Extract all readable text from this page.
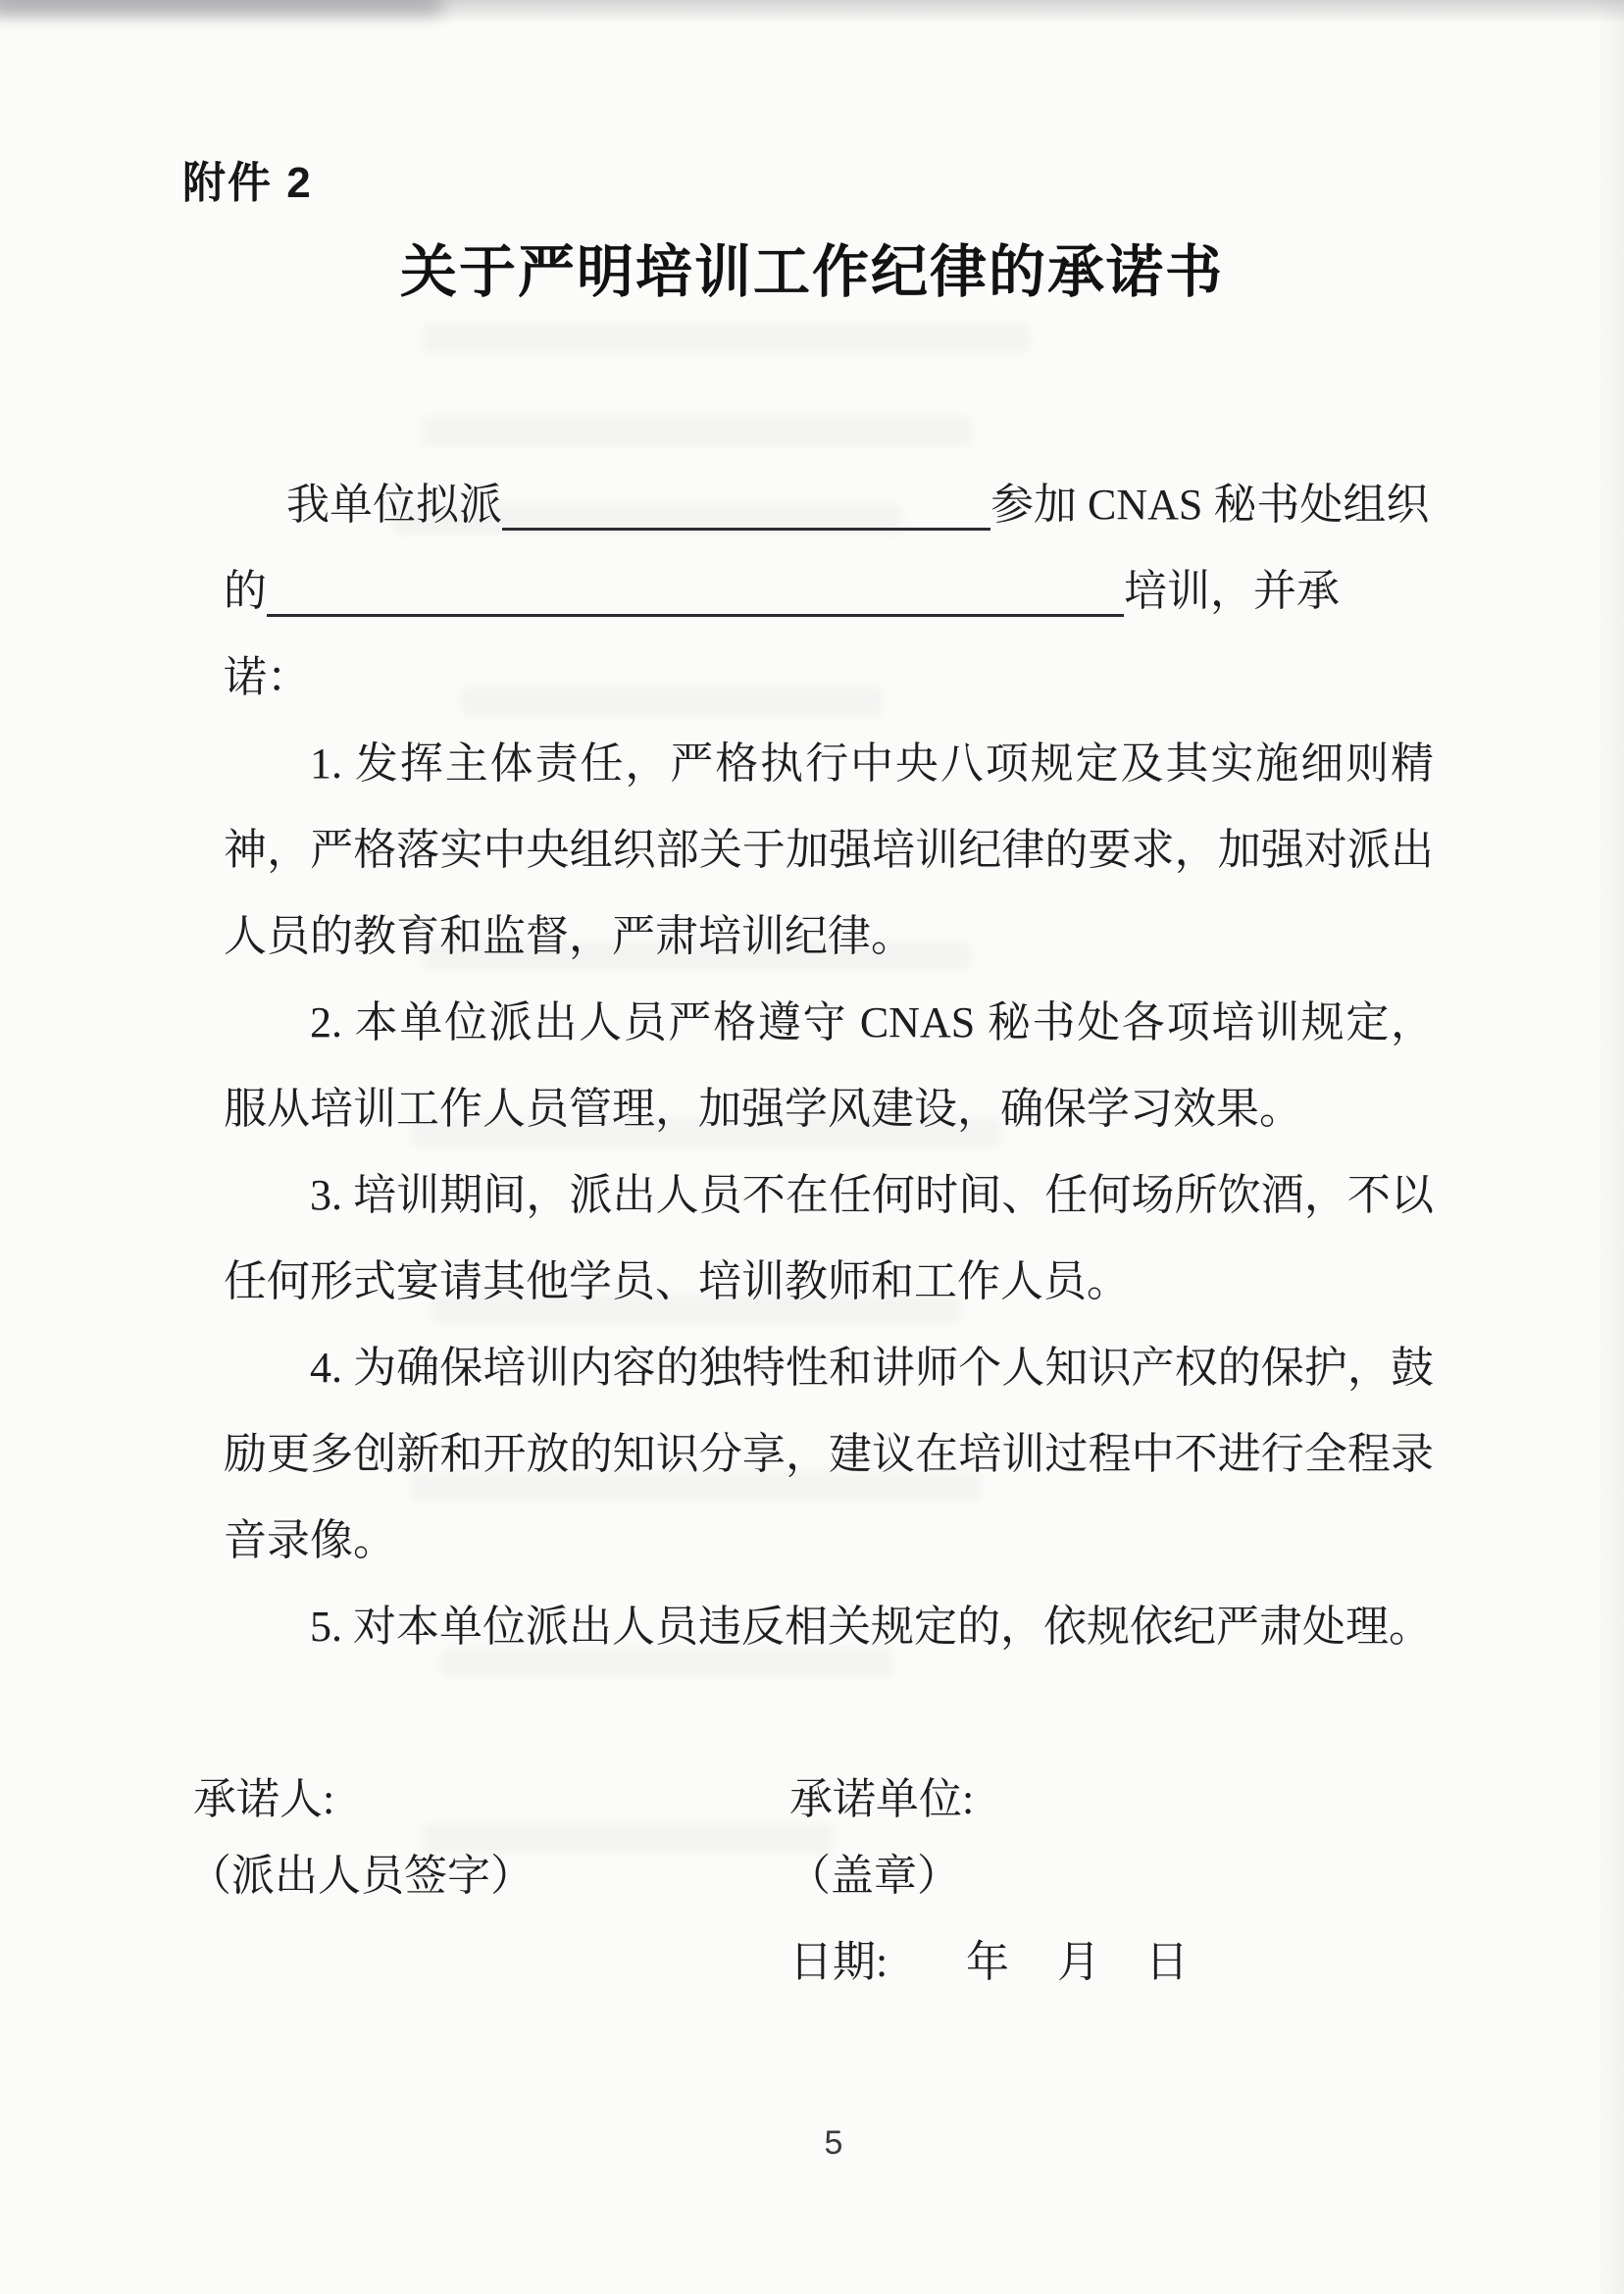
附件 2
关于严明培训工作纪律的承诺书
我单位拟派	参加 CNAS 秘书处组织
的	培训，并承
诺：

1. 发挥主体责任，严格执行中央八项规定及其实施细则精神，严格落实中央组织部关于加强培训纪律的要求，加强对派出人员的教育和监督，严肃培训纪律。

2. 本单位派出人员严格遵守 CNAS 秘书处各项培训规定，服从培训工作人员管理，加强学风建设，确保学习效果。

3. 培训期间，派出人员不在任何时间、任何场所饮酒，不以任何形式宴请其他学员、培训教师和工作人员。

4. 为确保培训内容的独特性和讲师个人知识产权的保护，鼓励更多创新和开放的知识分享，建议在培训过程中不进行全程录音录像。

5. 对本单位派出人员违反相关规定的，依规依纪严肃处理。

承诺人:	承诺单位:
（派出人员签字）	（盖章）
日期: 年 月 日
5
